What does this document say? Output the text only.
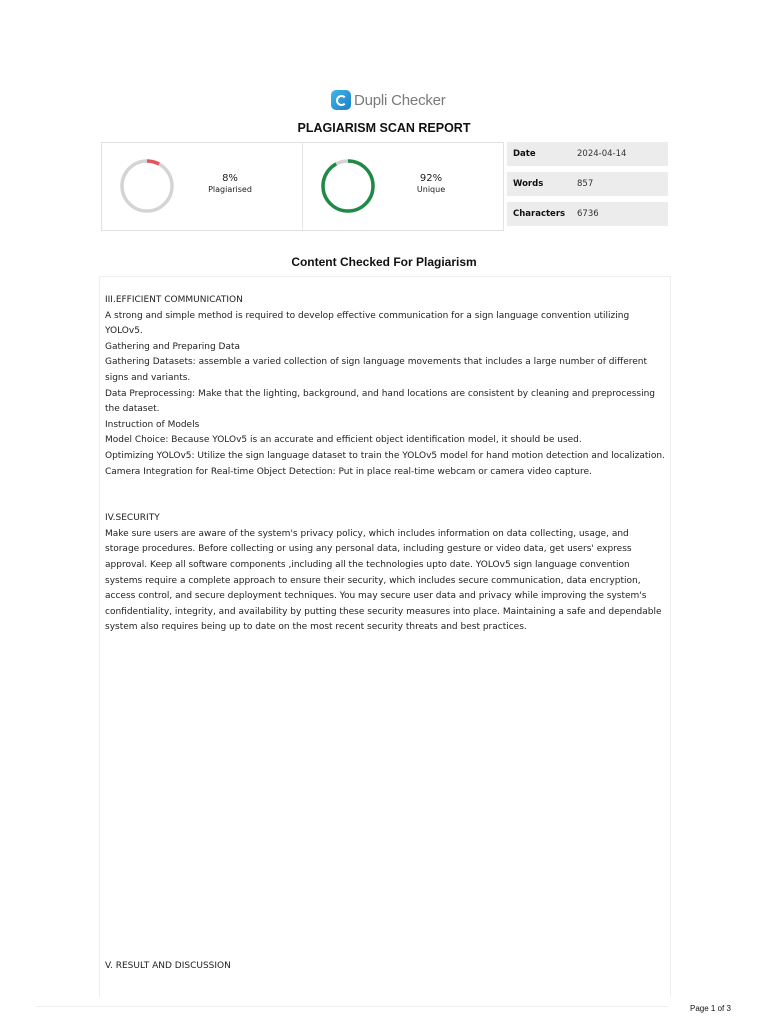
Dupli Checker
PLAGIARISM SCAN REPORT
8%
Plagiarised
92%
Unique
Date	2024-04-14
Words	857
Characters	6736
Content Checked For Plagiarism

III.EFFICIENT COMMUNICATION

A strong and simple method is required to develop effective communication for a sign language convention utilizing YOLOv5.

Gathering and Preparing Data

Gathering Datasets: assemble a varied collection of sign language movements that includes a large number of different signs and variants.

Data Preprocessing: Make that the lighting, background, and hand locations are consistent by cleaning and preprocessing the dataset.

Instruction of Models

Model Choice: Because YOLOv5 is an accurate and efficient object identification model, it should be used.

Optimizing YOLOv5: Utilize the sign language dataset to train the YOLOv5 model for hand motion detection and localization.

Camera Integration for Real-time Object Detection: Put in place real-time webcam or camera video capture.

IV.SECURITY

Make sure users are aware of the system's privacy policy, which includes information on data collecting, usage, and storage procedures. Before collecting or using any personal data, including gesture or video data, get users' express approval. Keep all software components ,including all the technologies upto date. YOLOv5 sign language convention systems require a complete approach to ensure their security, which includes secure communication, data encryption, access control, and secure deployment techniques. You may secure user data and privacy while improving the system's confidentiality, integrity, and availability by putting these security measures into place. Maintaining a safe and dependable system also requires being up to date on the most recent security threats and best practices.

V. RESULT AND DISCUSSION
Page 1 of 3
